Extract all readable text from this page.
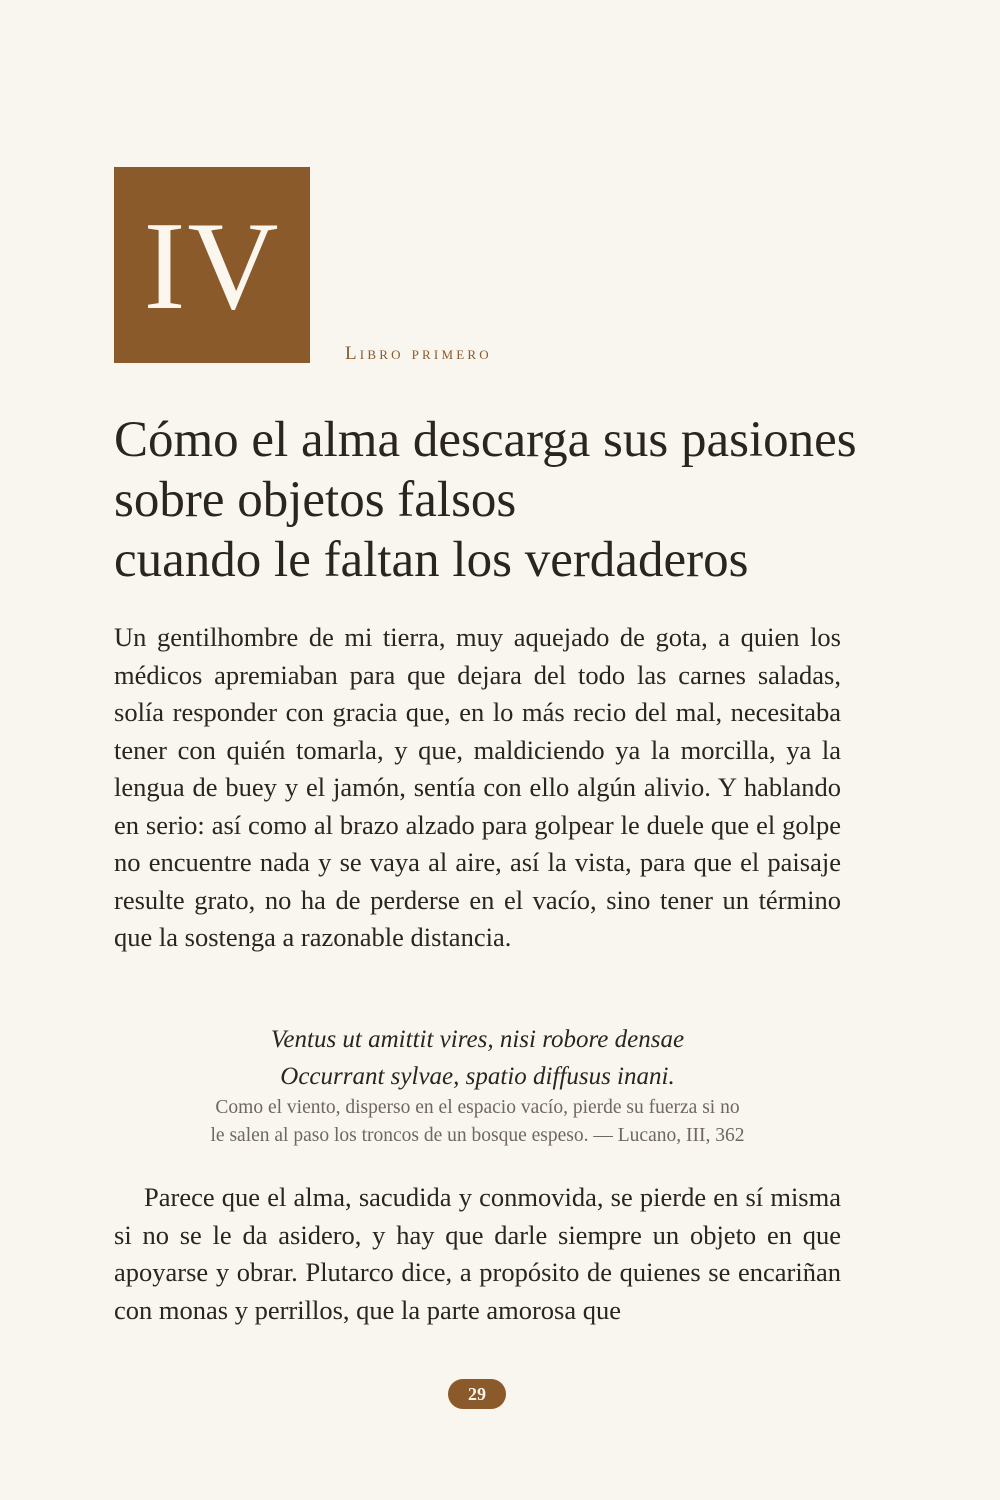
IV
Libro primero
Cómo el alma descarga sus pasiones
sobre objetos falsos
cuando le faltan los verdaderos

Un gentilhombre de mi tierra, muy aquejado de gota, a quien los médicos apremiaban para que dejara del todo las carnes saladas, solía responder con gracia que, en lo más recio del mal, necesitaba tener con quién tomarla, y que, maldiciendo ya la morcilla, ya la lengua de buey y el jamón, sentía con ello algún alivio. Y hablando en serio: así como al brazo alzado para golpear le duele que el golpe no encuentre nada y se vaya al aire, así la vista, para que el paisaje resulte grato, no ha de perderse en el vacío, sino tener un término que la sostenga a razonable distancia.

Ventus ut amittit vires, nisi robore densae
Occurrant sylvae, spatio diffusus inani.
Como el viento, disperso en el espacio vacío, pierde su fuerza si no
le salen al paso los troncos de un bosque espeso. — Lucano, III, 362

Parece que el alma, sacudida y conmovida, se pierde en sí misma si no se le da asidero, y hay que darle siempre un objeto en que apoyarse y obrar. Plutarco dice, a propósito de quienes se encariñan con monas y perrillos, que la parte amorosa que

29
